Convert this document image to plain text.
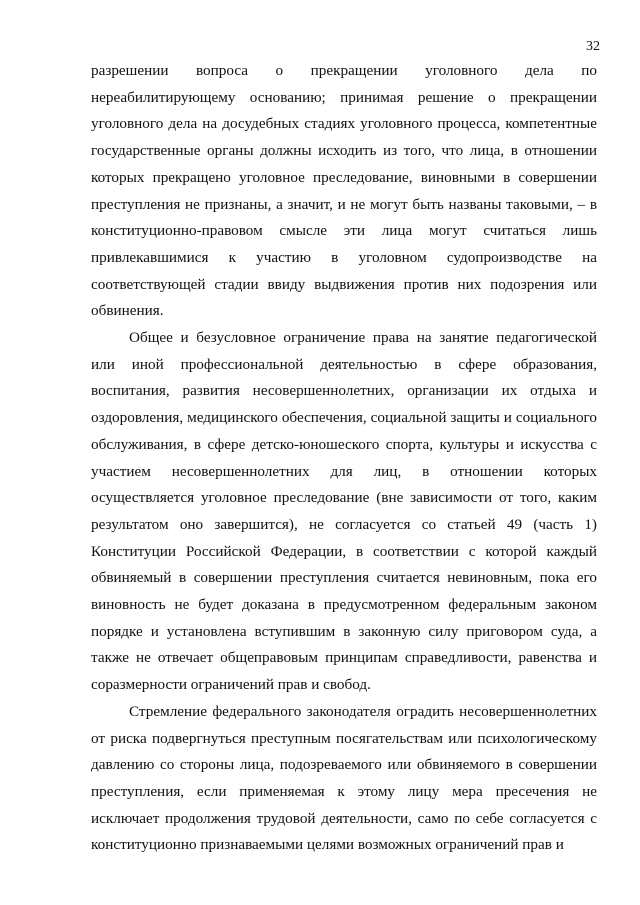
32

разрешении вопроса о прекращении уголовного дела по нереабилитирующему основанию; принимая решение о прекращении уголовного дела на досудебных стадиях уголовного процесса, компетентные государственные органы должны исходить из того, что лица, в отношении которых прекращено уголовное преследование, виновными в совершении преступления не признаны, а значит, и не могут быть названы таковыми, – в конституционно-правовом смысле эти лица могут считаться лишь привлекавшимися к участию в уголовном судопроизводстве на соответствующей стадии ввиду выдвижения против них подозрения или обвинения.

Общее и безусловное ограничение права на занятие педагогической или иной профессиональной деятельностью в сфере образования, воспитания, развития несовершеннолетних, организации их отдыха и оздоровления, медицинского обеспечения, социальной защиты и социального обслуживания, в сфере детско-юношеского спорта, культуры и искусства с участием несовершеннолетних для лиц, в отношении которых осуществляется уголовное преследование (вне зависимости от того, каким результатом оно завершится), не согласуется со статьей 49 (часть 1) Конституции Российской Федерации, в соответствии с которой каждый обвиняемый в совершении преступления считается невиновным, пока его виновность не будет доказана в предусмотренном федеральным законом порядке и установлена вступившим в законную силу приговором суда, а также не отвечает общеправовым принципам справедливости, равенства и соразмерности ограничений прав и свобод.

Стремление федерального законодателя оградить несовершеннолетних от риска подвергнуться преступным посягательствам или психологическому давлению со стороны лица, подозреваемого или обвиняемого в совершении преступления, если применяемая к этому лицу мера пресечения не исключает продолжения трудовой деятельности, само по себе согласуется с конституционно признаваемыми целями возможных ограничений прав и
